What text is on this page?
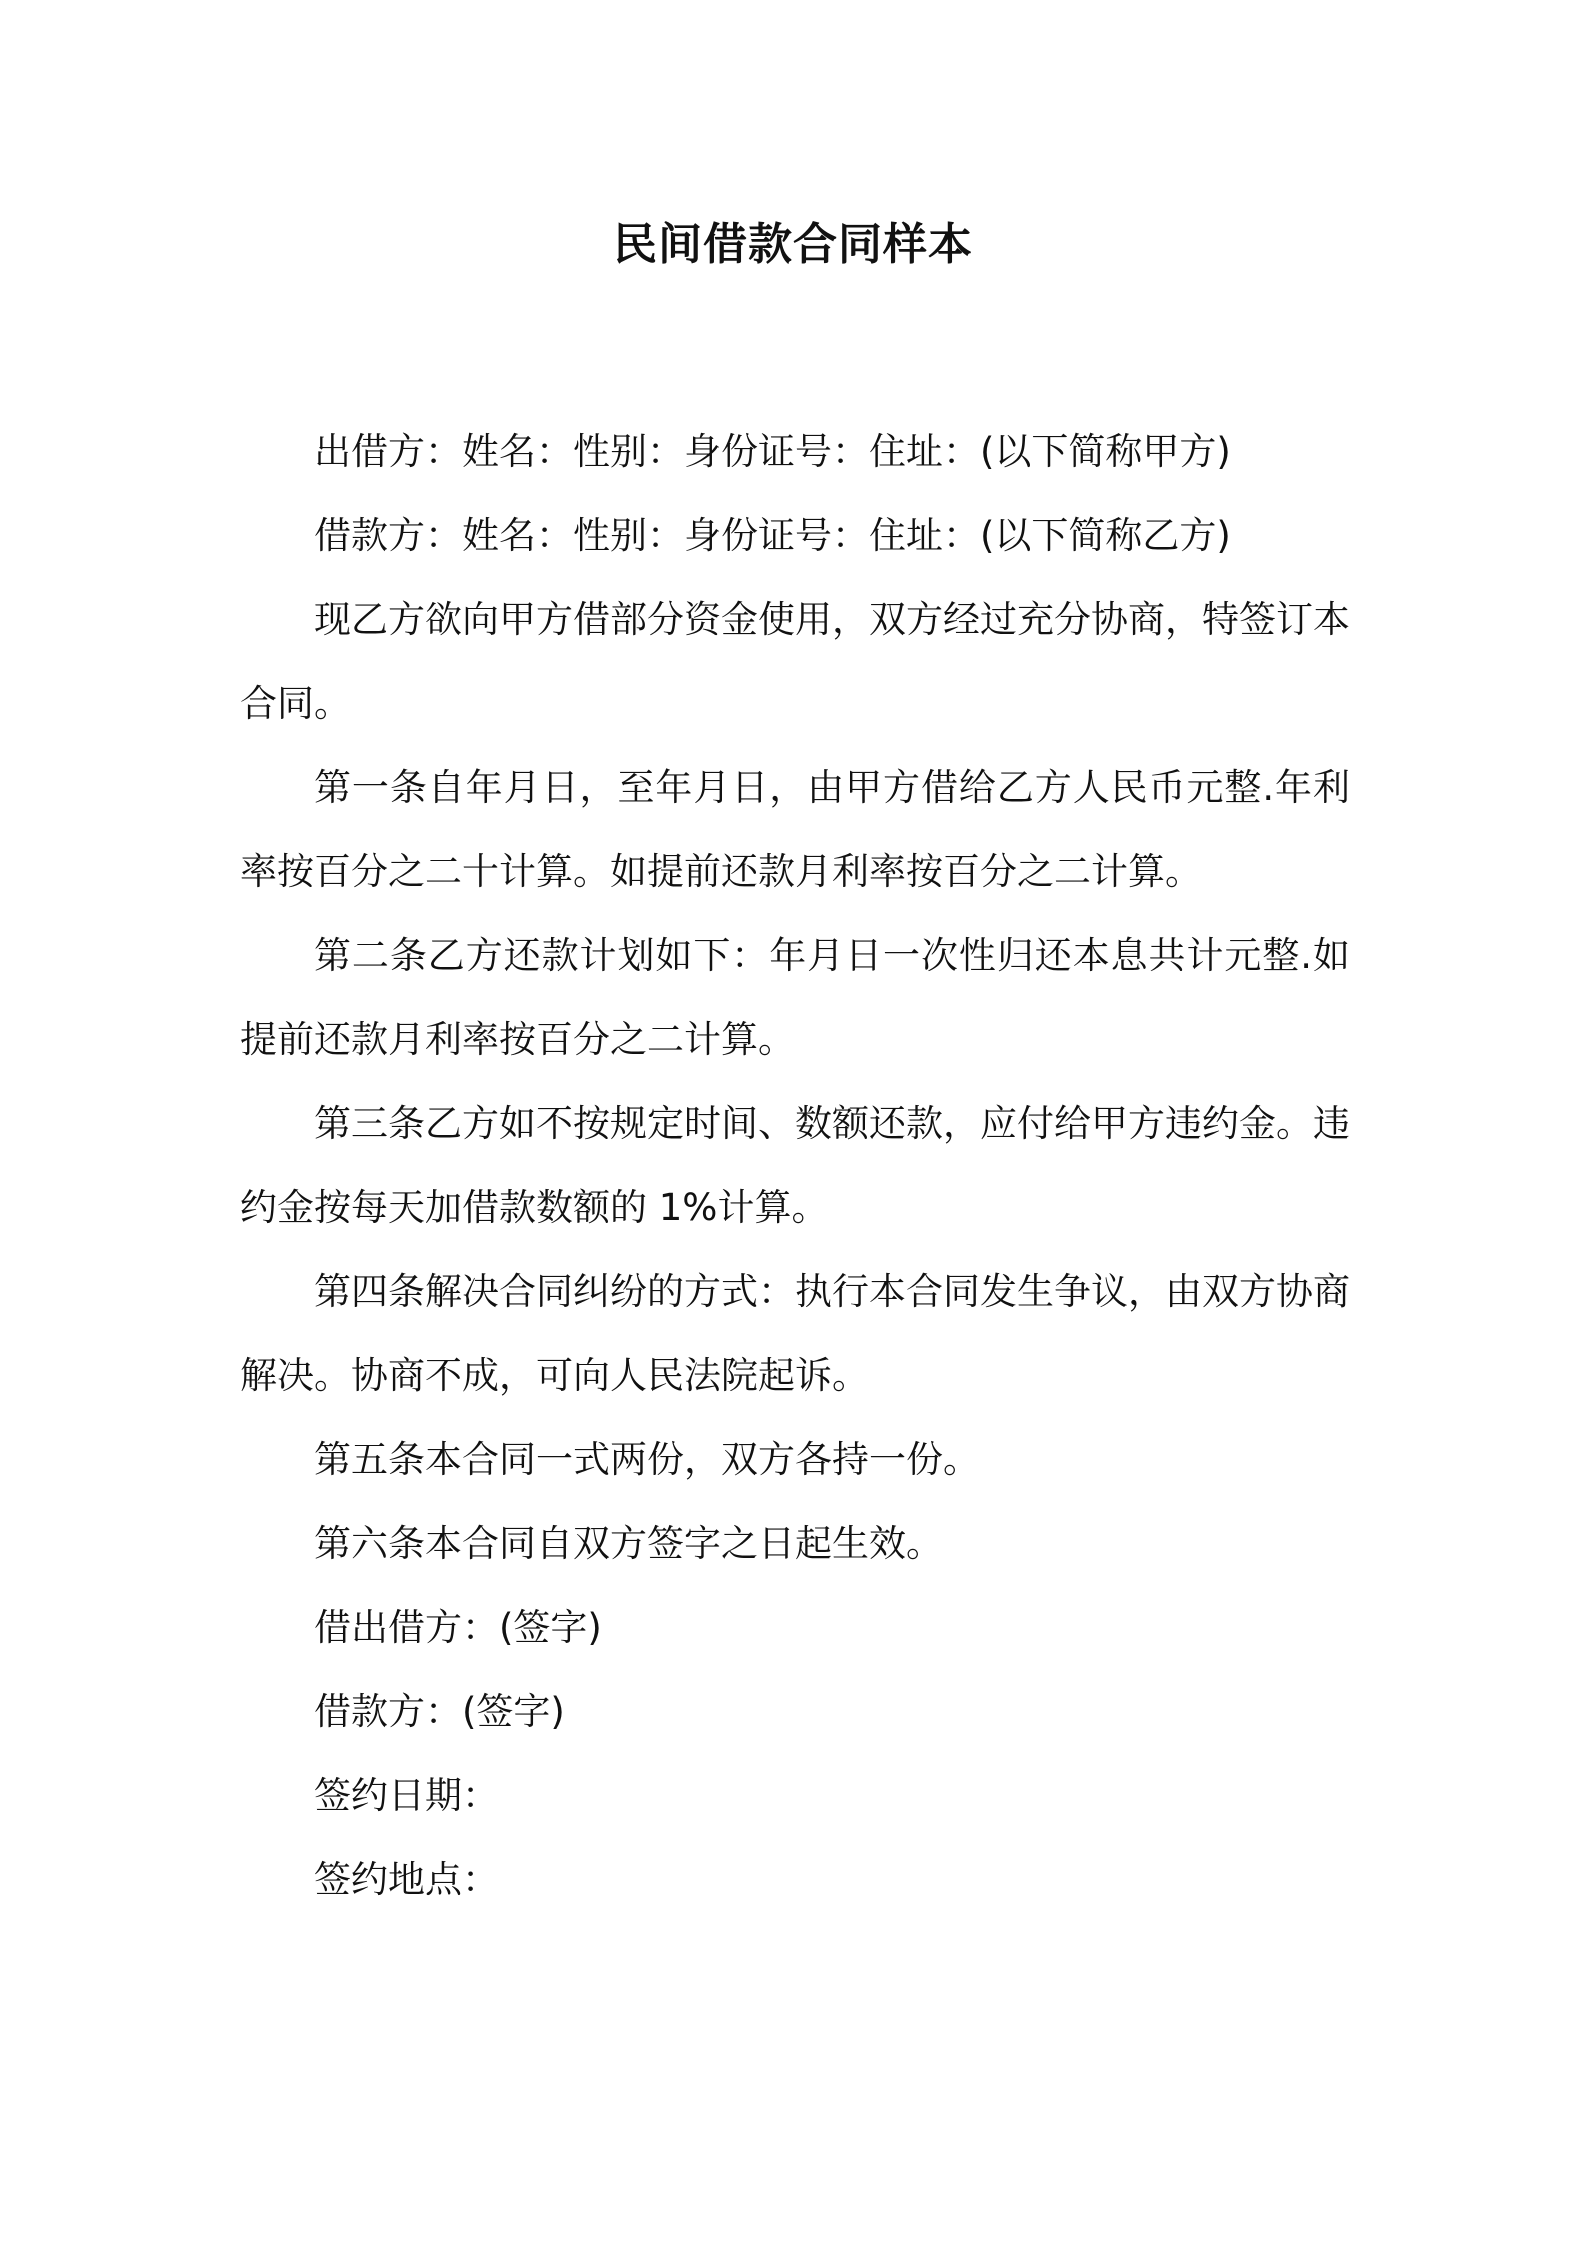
民间借款合同样本

出借方：姓名：性别：身份证号：住址：(以下简称甲方)

借款方：姓名：性别：身份证号：住址：(以下简称乙方)

现乙方欲向甲方借部分资金使用，双方经过充分协商，特签订本合同。

第一条自年月日，至年月日，由甲方借给乙方人民币元整.年利率按百分之二十计算。如提前还款月利率按百分之二计算。

第二条乙方还款计划如下：年月日一次性归还本息共计元整.如提前还款月利率按百分之二计算。

第三条乙方如不按规定时间、数额还款，应付给甲方违约金。违约金按每天加借款数额的 1%计算。

第四条解决合同纠纷的方式：执行本合同发生争议，由双方协商解决。协商不成，可向人民法院起诉。

第五条本合同一式两份，双方各持一份。

第六条本合同自双方签字之日起生效。

借出借方：(签字)

借款方：(签字)

签约日期：

签约地点：
